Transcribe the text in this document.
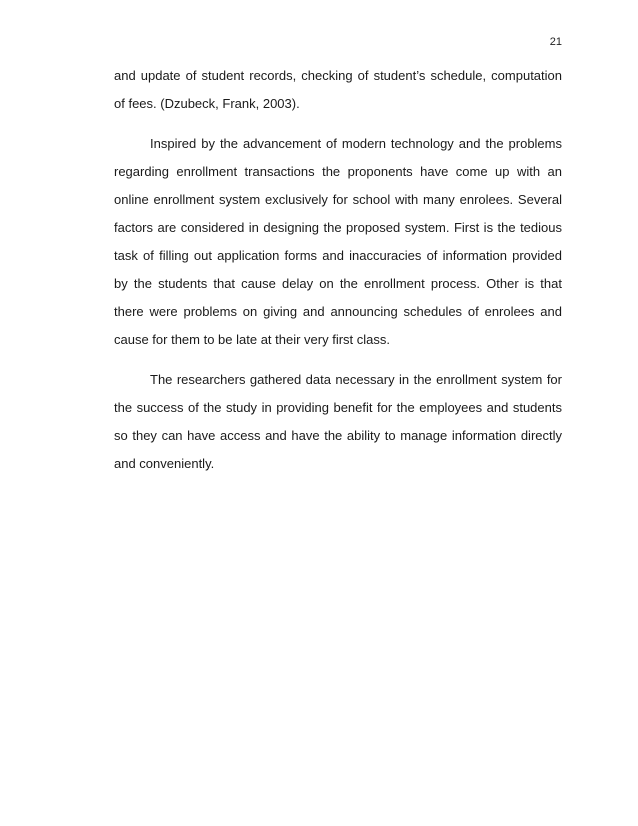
21

and update of student records, checking of student’s schedule, computation of fees. (Dzubeck, Frank, 2003).

Inspired by the advancement of modern technology and the problems regarding enrollment transactions the proponents have come up with an online enrollment system exclusively for school with many enrolees. Several factors are considered in designing the proposed system. First is the tedious task of filling out application forms and inaccuracies of information provided by the students that cause delay on the enrollment process. Other is that there were problems on giving and announcing schedules of enrolees and cause for them to be late at their very first class.

The researchers gathered data necessary in the enrollment system for the success of the study in providing benefit for the employees and students so they can have access and have the ability to manage information directly and conveniently.
